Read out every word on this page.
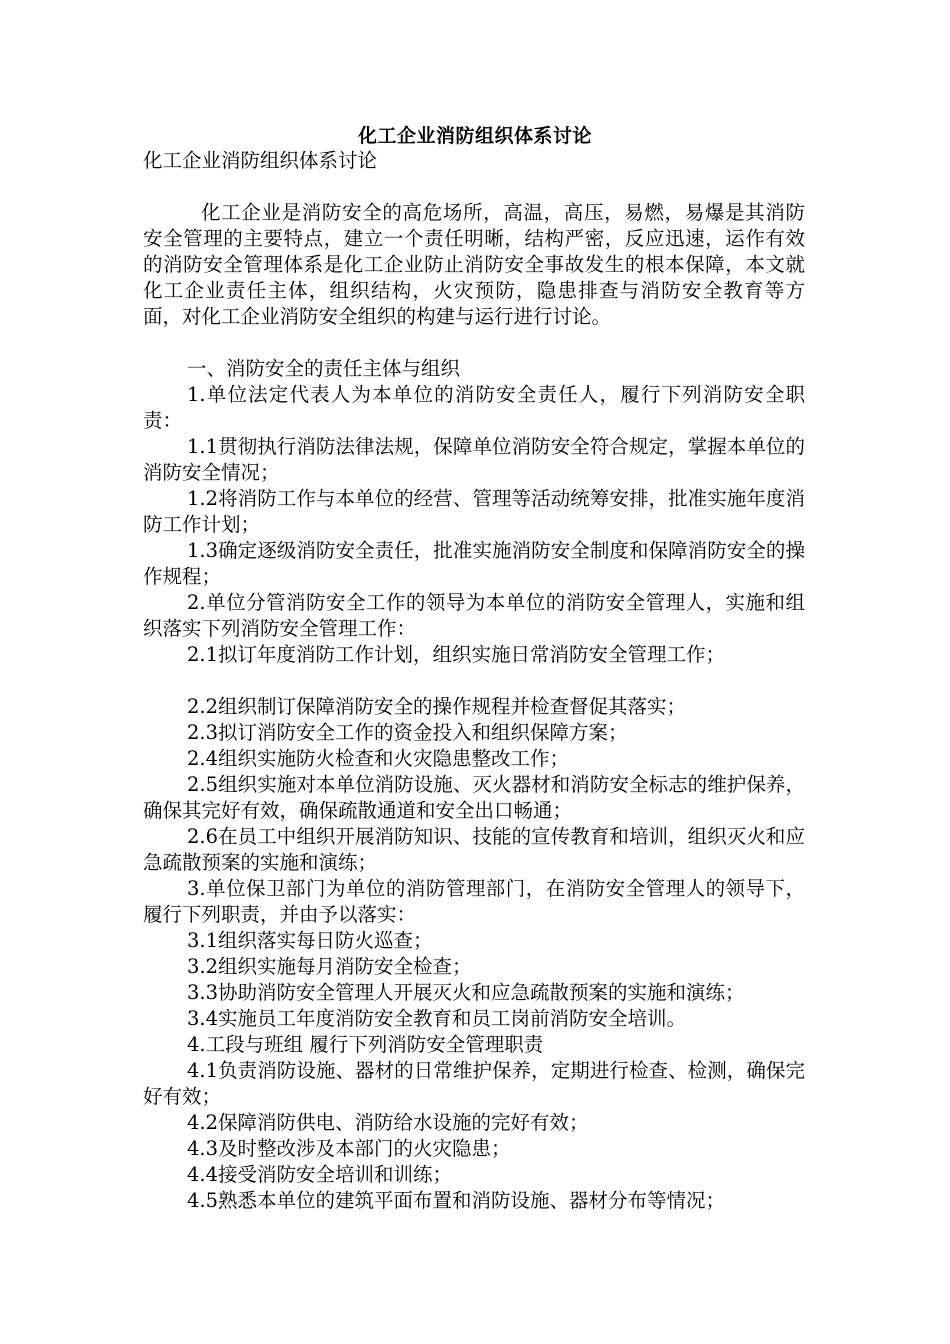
化工企业消防组织体系讨论

化工企业消防组织体系讨论

化工企业是消防安全的高危场所，高温，高压，易燃，易爆是其消防安全管理的主要特点，建立一个责任明晰，结构严密，反应迅速，运作有效的消防安全管理体系是化工企业防止消防安全事故发生的根本保障，本文就化工企业责任主体，组织结构，火灾预防，隐患排查与消防安全教育等方面，对化工企业消防安全组织的构建与运行进行讨论。

一、消防安全的责任主体与组织

1.单位法定代表人为本单位的消防安全责任人，履行下列消防安全职责：

1.1贯彻执行消防法律法规，保障单位消防安全符合规定，掌握本单位的消防安全情况；

1.2将消防工作与本单位的经营、管理等活动统筹安排，批准实施年度消防工作计划；

1.3确定逐级消防安全责任，批准实施消防安全制度和保障消防安全的操作规程；

2.单位分管消防安全工作的领导为本单位的消防安全管理人，实施和组织落实下列消防安全管理工作：

2.1拟订年度消防工作计划，组织实施日常消防安全管理工作；

2.2组织制订保障消防安全的操作规程并检查督促其落实；

2.3拟订消防安全工作的资金投入和组织保障方案；

2.4组织实施防火检查和火灾隐患整改工作；

2.5组织实施对本单位消防设施、灭火器材和消防安全标志的维护保养，确保其完好有效，确保疏散通道和安全出口畅通；

2.6在员工中组织开展消防知识、技能的宣传教育和培训，组织灭火和应急疏散预案的实施和演练；

3.单位保卫部门为单位的消防管理部门，在消防安全管理人的领导下，履行下列职责，并由予以落实：

3.1组织落实每日防火巡查；

3.2组织实施每月消防安全检查；

3.3协助消防安全管理人开展灭火和应急疏散预案的实施和演练；

3.4实施员工年度消防安全教育和员工岗前消防安全培训。

4.工段与班组 履行下列消防安全管理职责

4.1负责消防设施、器材的日常维护保养，定期进行检查、检测，确保完好有效；

4.2保障消防供电、消防给水设施的完好有效；

4.3及时整改涉及本部门的火灾隐患；

4.4接受消防安全培训和训练；

4.5熟悉本单位的建筑平面布置和消防设施、器材分布等情况；
